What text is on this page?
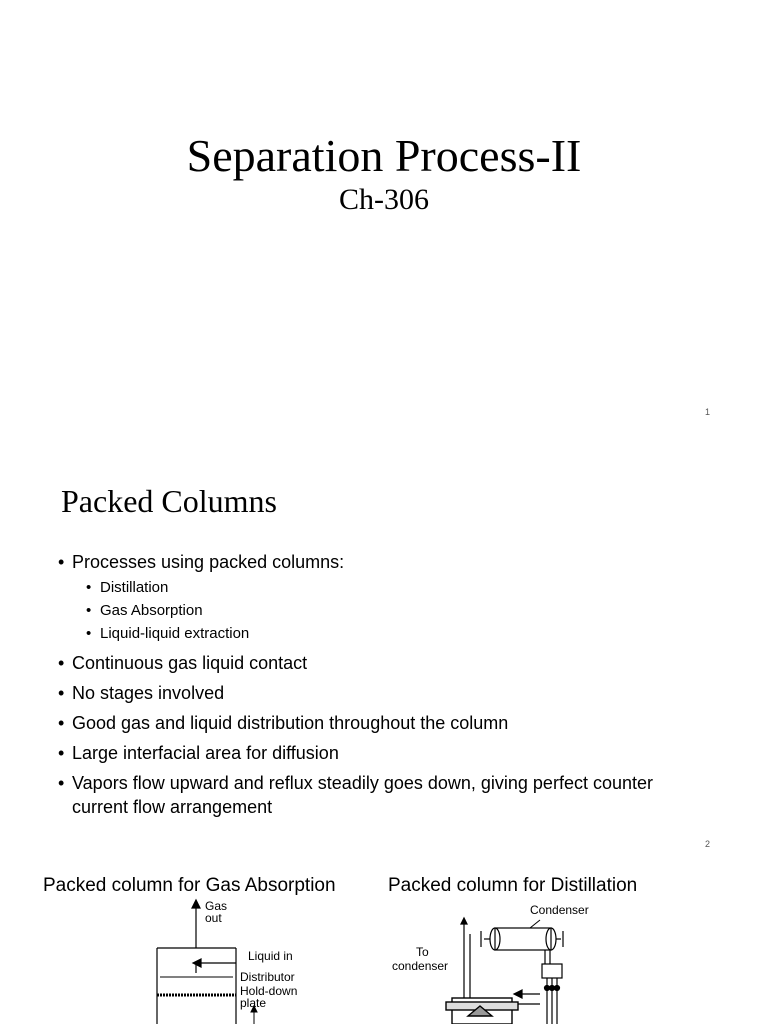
Separation Process-II
Ch-306
1
Packed Columns
• Processes using packed columns:
• Distillation
• Gas Absorption
• Liquid-liquid extraction
• Continuous gas liquid contact
• No stages involved
• Good gas and liquid distribution throughout the column
• Large interfacial area for diffusion
• Vapors flow upward and reflux steadily goes down, giving perfect counter current flow arrangement
2
Packed column for Gas Absorption	Packed column for Distillation
Gas
out
Liquid in
Distributor
Hold-down
plate
Condenser
To
condenser
